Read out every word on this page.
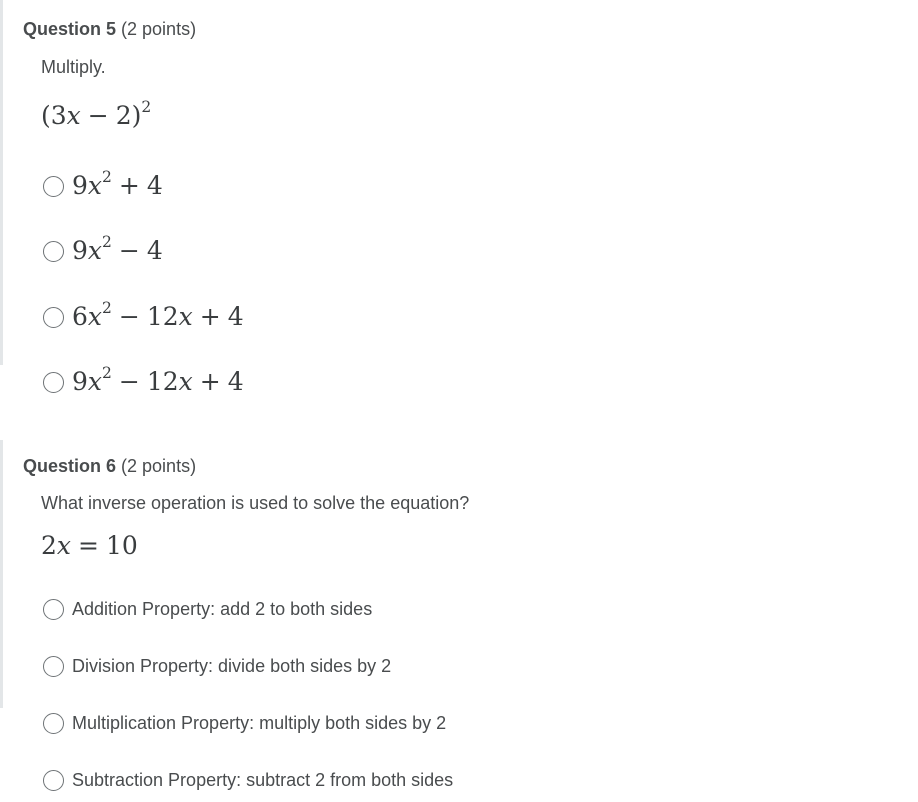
Question 5 (2 points)
Multiply.
$(3x - 2)^2$
$9x^2 + 4$
$9x^2 - 4$
$6x^2 - 12x + 4$
$9x^2 - 12x + 4$
Question 6 (2 points)
What inverse operation is used to solve the equation?
2x = 10
Addition Property: add 2 to both sides
Division Property: divide both sides by 2
Multiplication Property: multiply both sides by 2
Subtraction Property: subtract 2 from both sides
